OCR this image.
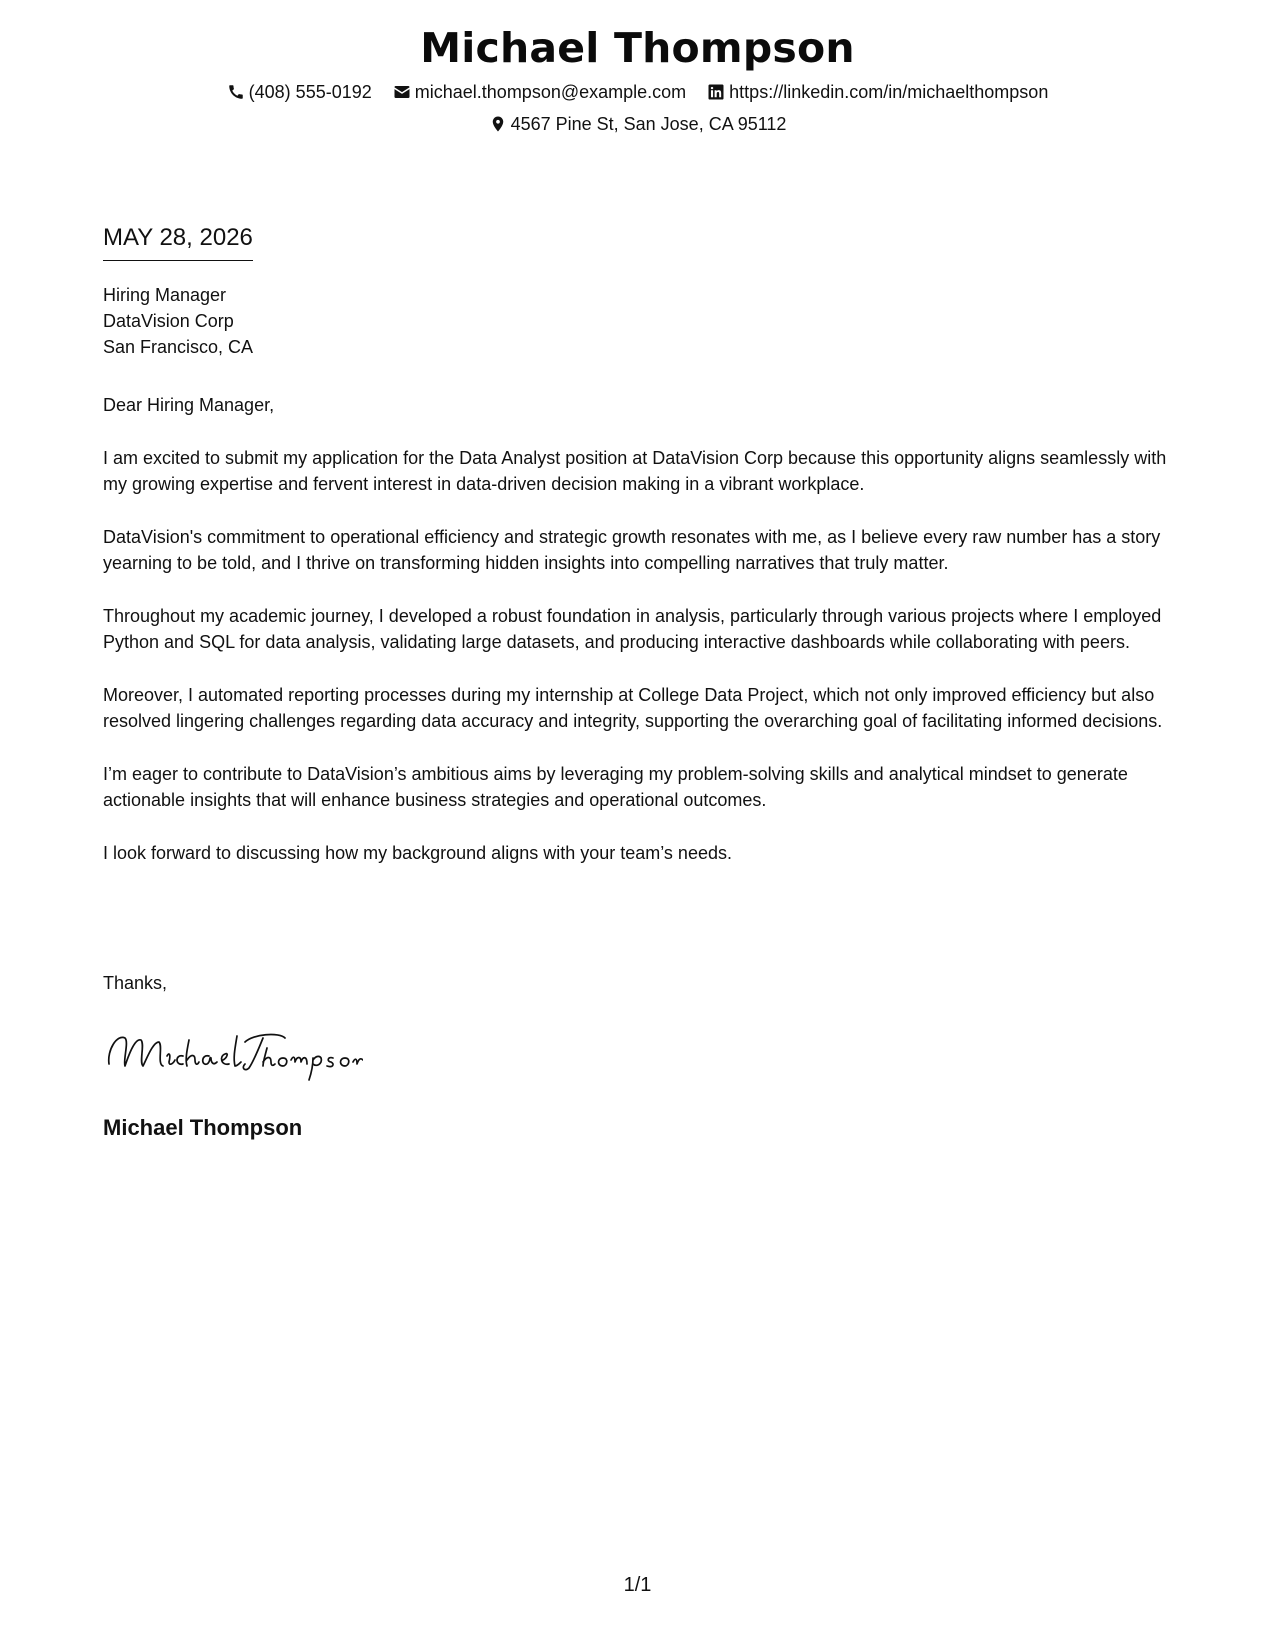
Michael Thompson
(408) 555-0192
michael.thompson@example.com
https://linkedin.com/in/michaelthompson
4567 Pine St, San Jose, CA 95112
MAY 28, 2026
Hiring Manager
DataVision Corp
San Francisco, CA

Dear Hiring Manager,

I am excited to submit my application for the Data Analyst position at DataVision Corp because this opportunity aligns seamlessly with my growing expertise and fervent interest in data-driven decision making in a vibrant workplace.

DataVision's commitment to operational efficiency and strategic growth resonates with me, as I believe every raw number has a story yearning to be told, and I thrive on transforming hidden insights into compelling narratives that truly matter.

Throughout my academic journey, I developed a robust foundation in analysis, particularly through various projects where I employed Python and SQL for data analysis, validating large datasets, and producing interactive dashboards while collaborating with peers.

Moreover, I automated reporting processes during my internship at College Data Project, which not only improved efficiency but also resolved lingering challenges regarding data accuracy and integrity, supporting the overarching goal of facilitating informed decisions.

I’m eager to contribute to DataVision’s ambitious aims by leveraging my problem-solving skills and analytical mindset to generate actionable insights that will enhance business strategies and operational outcomes.

I look forward to discussing how my background aligns with your team’s needs.

Thanks,
Michael Thompson
1/1
